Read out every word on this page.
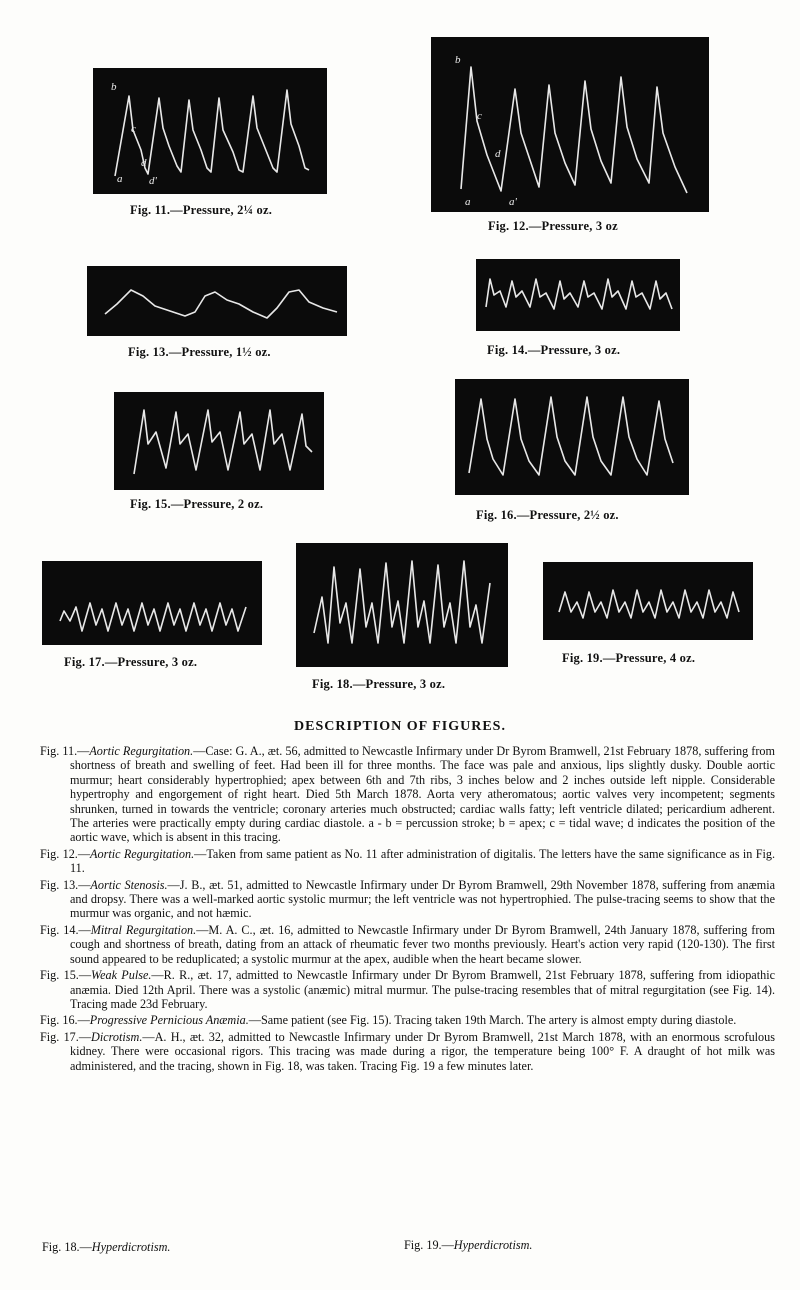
b
c
d
a d'
Fig. 11.—Pressure, 2¼ oz.
b
c
d
a	a'
Fig. 12.—Pressure, 3 oz
Fig. 13.—Pressure, 1½ oz.	Fig. 14.—Pressure, 3 oz.
Fig. 15.—Pressure, 2 oz.
Fig. 16.—Pressure, 2½ oz.
Fig. 17.—Pressure, 3 oz.
Fig. 18.—Pressure, 3 oz.
Fig. 19.—Pressure, 4 oz.
DESCRIPTION OF FIGURES.

Fig. 11.—Aortic Regurgitation.—Case: G. A., æt. 56, admitted to Newcastle Infirmary under Dr Byrom Bramwell, 21st February 1878, suffering from shortness of breath and swelling of feet. Had been ill for three months. The face was pale and anxious, lips slightly dusky. Double aortic murmur; heart considerably hypertrophied; apex between 6th and 7th ribs, 3 inches below and 2 inches outside left nipple. Considerable hypertrophy and engorgement of right heart. Died 5th March 1878. Aorta very atheromatous; aortic valves very incompetent; segments shrunken, turned in towards the ventricle; coronary arteries much obstructed; cardiac walls fatty; left ventricle dilated; pericardium adherent. The arteries were practically empty during cardiac diastole. a - b = percussion stroke; b = apex; c = tidal wave; d indicates the position of the aortic wave, which is absent in this tracing.

Fig. 12.—Aortic Regurgitation.—Taken from same patient as No. 11 after administration of digitalis. The letters have the same significance as in Fig. 11.

Fig. 13.—Aortic Stenosis.—J. B., æt. 51, admitted to Newcastle Infirmary under Dr Byrom Bramwell, 29th November 1878, suffering from anæmia and dropsy. There was a well-marked aortic systolic murmur; the left ventricle was not hypertrophied. The pulse-tracing seems to show that the murmur was organic, and not hæmic.

Fig. 14.—Mitral Regurgitation.—M. A. C., æt. 16, admitted to Newcastle Infirmary under Dr Byrom Bramwell, 24th January 1878, suffering from cough and shortness of breath, dating from an attack of rheumatic fever two months previously. Heart's action very rapid (120-130). The first sound appeared to be reduplicated; a systolic murmur at the apex, audible when the heart became slower.

Fig. 15.—Weak Pulse.—R. R., æt. 17, admitted to Newcastle Infirmary under Dr Byrom Bramwell, 21st February 1878, suffering from idiopathic anæmia. Died 12th April. There was a systolic (anæmic) mitral murmur. The pulse-tracing resembles that of mitral regurgitation (see Fig. 14). Tracing made 23d February.

Fig. 16.—Progressive Pernicious Anæmia.—Same patient (see Fig. 15). Tracing taken 19th March. The artery is almost empty during diastole.

Fig. 17.—Dicrotism.—A. H., æt. 32, admitted to Newcastle Infirmary under Dr Byrom Bramwell, 21st March 1878, with an enormous scrofulous kidney. There were occasional rigors. This tracing was made during a rigor, the temperature being 100° F. A draught of hot milk was administered, and the tracing, shown in Fig. 18, was taken. Tracing Fig. 19 a few minutes later.

Fig. 18.—Hyperdicrotism.	Fig. 19.—Hyperdicrotism.
